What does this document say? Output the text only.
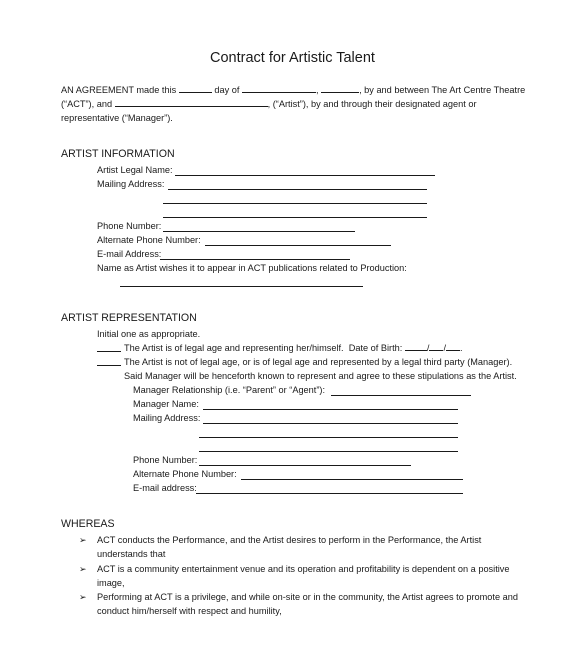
Contract for Artistic Talent
AN AGREEMENT made this	day of	,	, by and between The Art Centre Theatre
(“ACT”), and	, (“Artist”), by and through their designated agent or
representative (“Manager”).
ARTIST INFORMATION
Artist Legal Name:
Mailing Address:
Phone Number:
Alternate Phone Number:
E-mail Address:
Name as Artist wishes it to appear in ACT publications related to Production:
ARTIST REPRESENTATION
Initial one as appropriate.
The Artist is of legal age and representing her/himself.  Date of Birth:	/ / .
The Artist is not of legal age, or is of legal age and represented by a legal third party (Manager).
Said Manager will be henceforth known to represent and agree to these stipulations as the Artist.
Manager Relationship (i.e. “Parent” or “Agent”):
Manager Name:
Mailing Address:
Phone Number:
Alternate Phone Number:
E-mail address:
WHEREAS
➢ ACT conducts the Performance, and the Artist desires to perform in the Performance, the Artist
understands that
➢ ACT is a community entertainment venue and its operation and profitability is dependent on a positive
image,
➢ Performing at ACT is a privilege, and while on-site or in the community, the Artist agrees to promote and
conduct him/herself with respect and humility,
